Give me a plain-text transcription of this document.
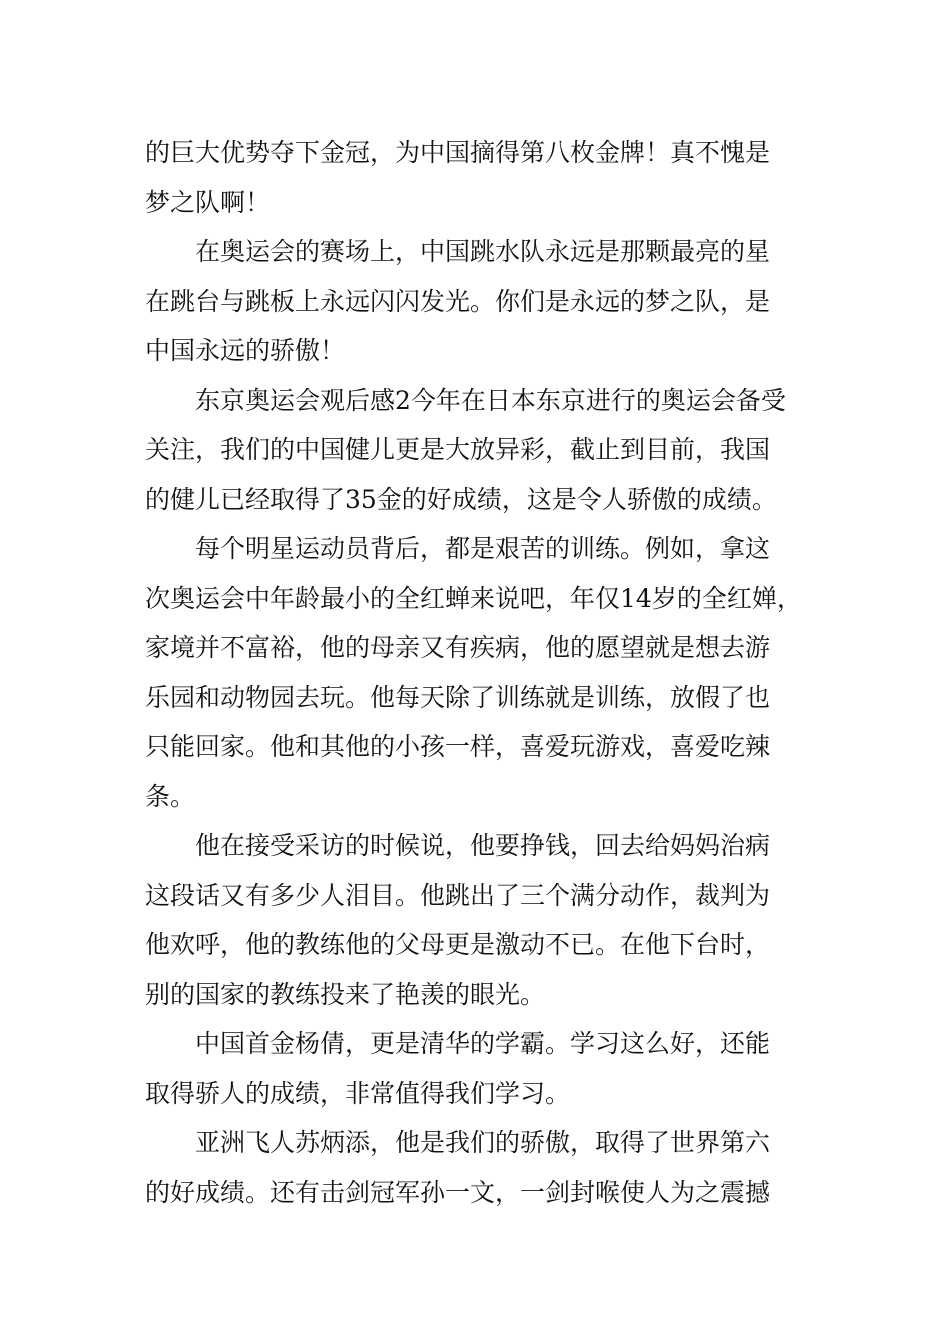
的巨大优势夺下金冠，为中国摘得第八枚金牌！真不愧是
梦之队啊！
　　在奥运会的赛场上，中国跳水队永远是那颗最亮的星
在跳台与跳板上永远闪闪发光。你们是永远的梦之队，是
中国永远的骄傲！
　　东京奥运会观后感2今年在日本东京进行的奥运会备受
关注，我们的中国健儿更是大放异彩，截止到目前，我国
的健儿已经取得了35金的好成绩，这是令人骄傲的成绩。
　　每个明星运动员背后，都是艰苦的训练。例如，拿这
次奥运会中年龄最小的全红蝉来说吧，年仅14岁的全红婵，
家境并不富裕，他的母亲又有疾病，他的愿望就是想去游
乐园和动物园去玩。他每天除了训练就是训练，放假了也
只能回家。他和其他的小孩一样，喜爱玩游戏，喜爱吃辣
条。
　　他在接受采访的时候说，他要挣钱，回去给妈妈治病
这段话又有多少人泪目。他跳出了三个满分动作，裁判为
他欢呼，他的教练他的父母更是激动不已。在他下台时，
别的国家的教练投来了艳羡的眼光。
　　中国首金杨倩，更是清华的学霸。学习这么好，还能
取得骄人的成绩，非常值得我们学习。
　　亚洲飞人苏炳添，他是我们的骄傲，取得了世界第六
的好成绩。还有击剑冠军孙一文，一剑封喉使人为之震撼
